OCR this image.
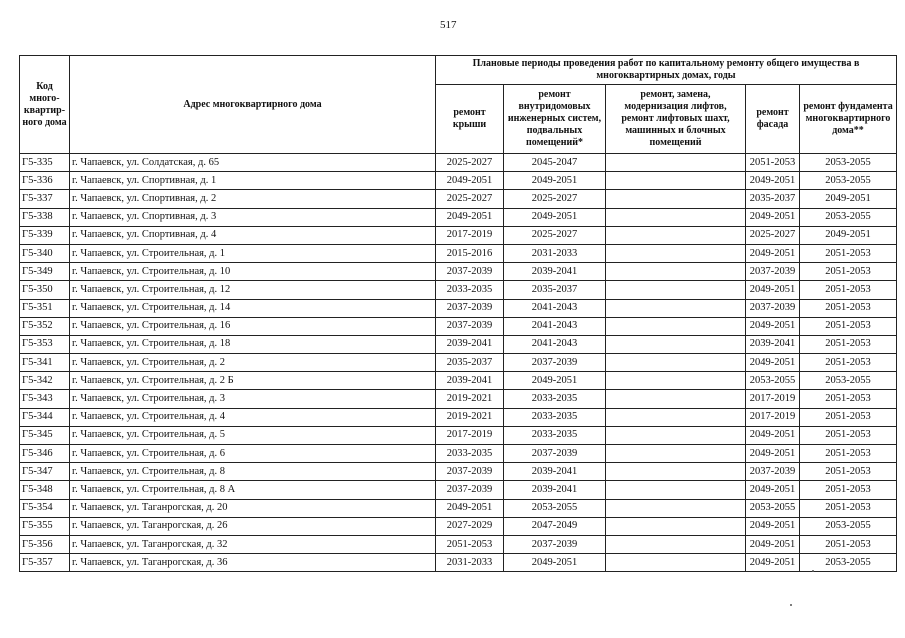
517
Код много-квартир-ного дома	Адрес многоквартирного дома	Плановые периоды проведения работ по капитальному ремонту общего имущества в многоквартирных домах, годы				
		ремонт крыши	ремонт внутридомовых инженерных систем, подвальных помещений*	ремонт, замена, модернизация лифтов, ремонт лифтовых шахт, машинных и блочных помещений	ремонт фасада	ремонт фундамента многоквартирного дома**
Г5-335	г. Чапаевск, ул. Солдатская, д. 65	2025-2027	2045-2047		2051-2053	2053-2055
Г5-336	г. Чапаевск, ул. Спортивная, д. 1	2049-2051	2049-2051		2049-2051	2053-2055
Г5-337	г. Чапаевск, ул. Спортивная, д. 2	2025-2027	2025-2027		2035-2037	2049-2051
Г5-338	г. Чапаевск, ул. Спортивная, д. 3	2049-2051	2049-2051		2049-2051	2053-2055
Г5-339	г. Чапаевск, ул. Спортивная, д. 4	2017-2019	2025-2027		2025-2027	2049-2051
Г5-340	г. Чапаевск, ул. Строительная, д. 1	2015-2016	2031-2033		2049-2051	2051-2053
Г5-349	г. Чапаевск, ул. Строительная, д. 10	2037-2039	2039-2041		2037-2039	2051-2053
Г5-350	г. Чапаевск, ул. Строительная, д. 12	2033-2035	2035-2037		2049-2051	2051-2053
Г5-351	г. Чапаевск, ул. Строительная, д. 14	2037-2039	2041-2043		2037-2039	2051-2053
Г5-352	г. Чапаевск, ул. Строительная, д. 16	2037-2039	2041-2043		2049-2051	2051-2053
Г5-353	г. Чапаевск, ул. Строительная, д. 18	2039-2041	2041-2043		2039-2041	2051-2053
Г5-341	г. Чапаевск, ул. Строительная, д. 2	2035-2037	2037-2039		2049-2051	2051-2053
Г5-342	г. Чапаевск, ул. Строительная, д. 2 Б	2039-2041	2049-2051		2053-2055	2053-2055
Г5-343	г. Чапаевск, ул. Строительная, д. 3	2019-2021	2033-2035		2017-2019	2051-2053
Г5-344	г. Чапаевск, ул. Строительная, д. 4	2019-2021	2033-2035		2017-2019	2051-2053
Г5-345	г. Чапаевск, ул. Строительная, д. 5	2017-2019	2033-2035		2049-2051	2051-2053
Г5-346	г. Чапаевск, ул. Строительная, д. 6	2033-2035	2037-2039		2049-2051	2051-2053
Г5-347	г. Чапаевск, ул. Строительная, д. 8	2037-2039	2039-2041		2037-2039	2051-2053
Г5-348	г. Чапаевск, ул. Строительная, д. 8 А	2037-2039	2039-2041		2049-2051	2051-2053
Г5-354	г. Чапаевск, ул. Таганрогская, д. 20	2049-2051	2053-2055		2053-2055	2051-2053
Г5-355	г. Чапаевск, ул. Таганрогская, д. 26	2027-2029	2047-2049		2049-2051	2053-2055
Г5-356	г. Чапаевск, ул. Таганрогская, д. 32	2051-2053	2037-2039		2049-2051	2051-2053
Г5-357	г. Чапаевск, ул. Таганрогская, д. 36	2031-2033	2049-2051		2049-2051	2053-2055
